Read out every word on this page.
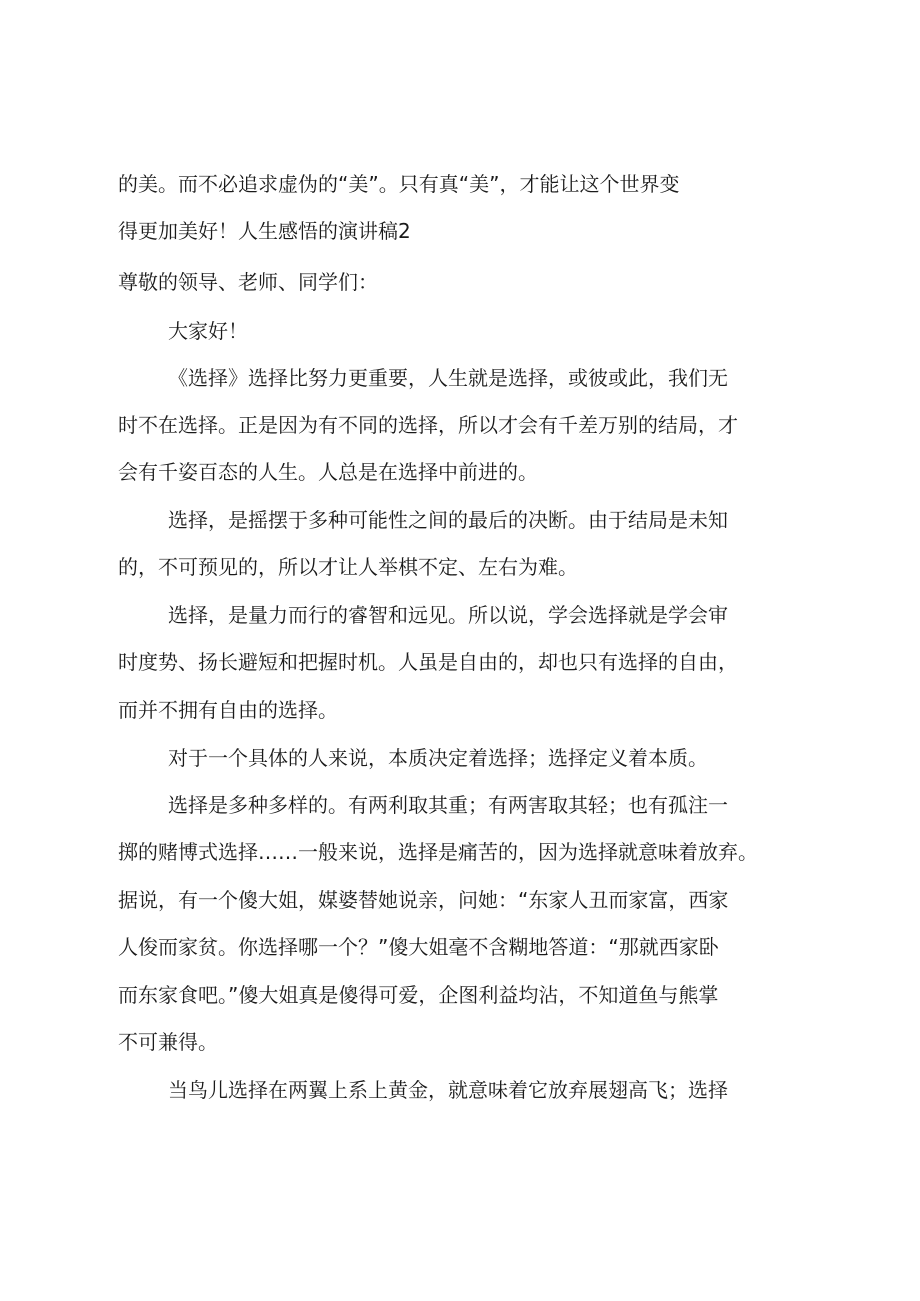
的美。而不必追求虚伪的“美”。只有真“美”，才能让这个世界变
得更加美好！人生感悟的演讲稿2
尊敬的领导、老师、同学们：
大家好！
《选择》选择比努力更重要，人生就是选择，或彼或此，我们无
时不在选择。正是因为有不同的选择，所以才会有千差万别的结局，才
会有千姿百态的人生。人总是在选择中前进的。
选择，是摇摆于多种可能性之间的最后的决断。由于结局是未知
的，不可预见的，所以才让人举棋不定、左右为难。
选择，是量力而行的睿智和远见。所以说，学会选择就是学会审
时度势、扬长避短和把握时机。人虽是自由的，却也只有选择的自由，
而并不拥有自由的选择。
对于一个具体的人来说，本质决定着选择；选择定义着本质。
选择是多种多样的。有两利取其重；有两害取其轻；也有孤注一
掷的赌博式选择……一般来说，选择是痛苦的，因为选择就意味着放弃。
据说，有一个傻大姐，媒婆替她说亲，问她：“东家人丑而家富，西家
人俊而家贫。你选择哪一个？”傻大姐毫不含糊地答道：“那就西家卧
而东家食吧。”傻大姐真是傻得可爱，企图利益均沾，不知道鱼与熊掌
不可兼得。
当鸟儿选择在两翼上系上黄金，就意味着它放弃展翅高飞；选择
